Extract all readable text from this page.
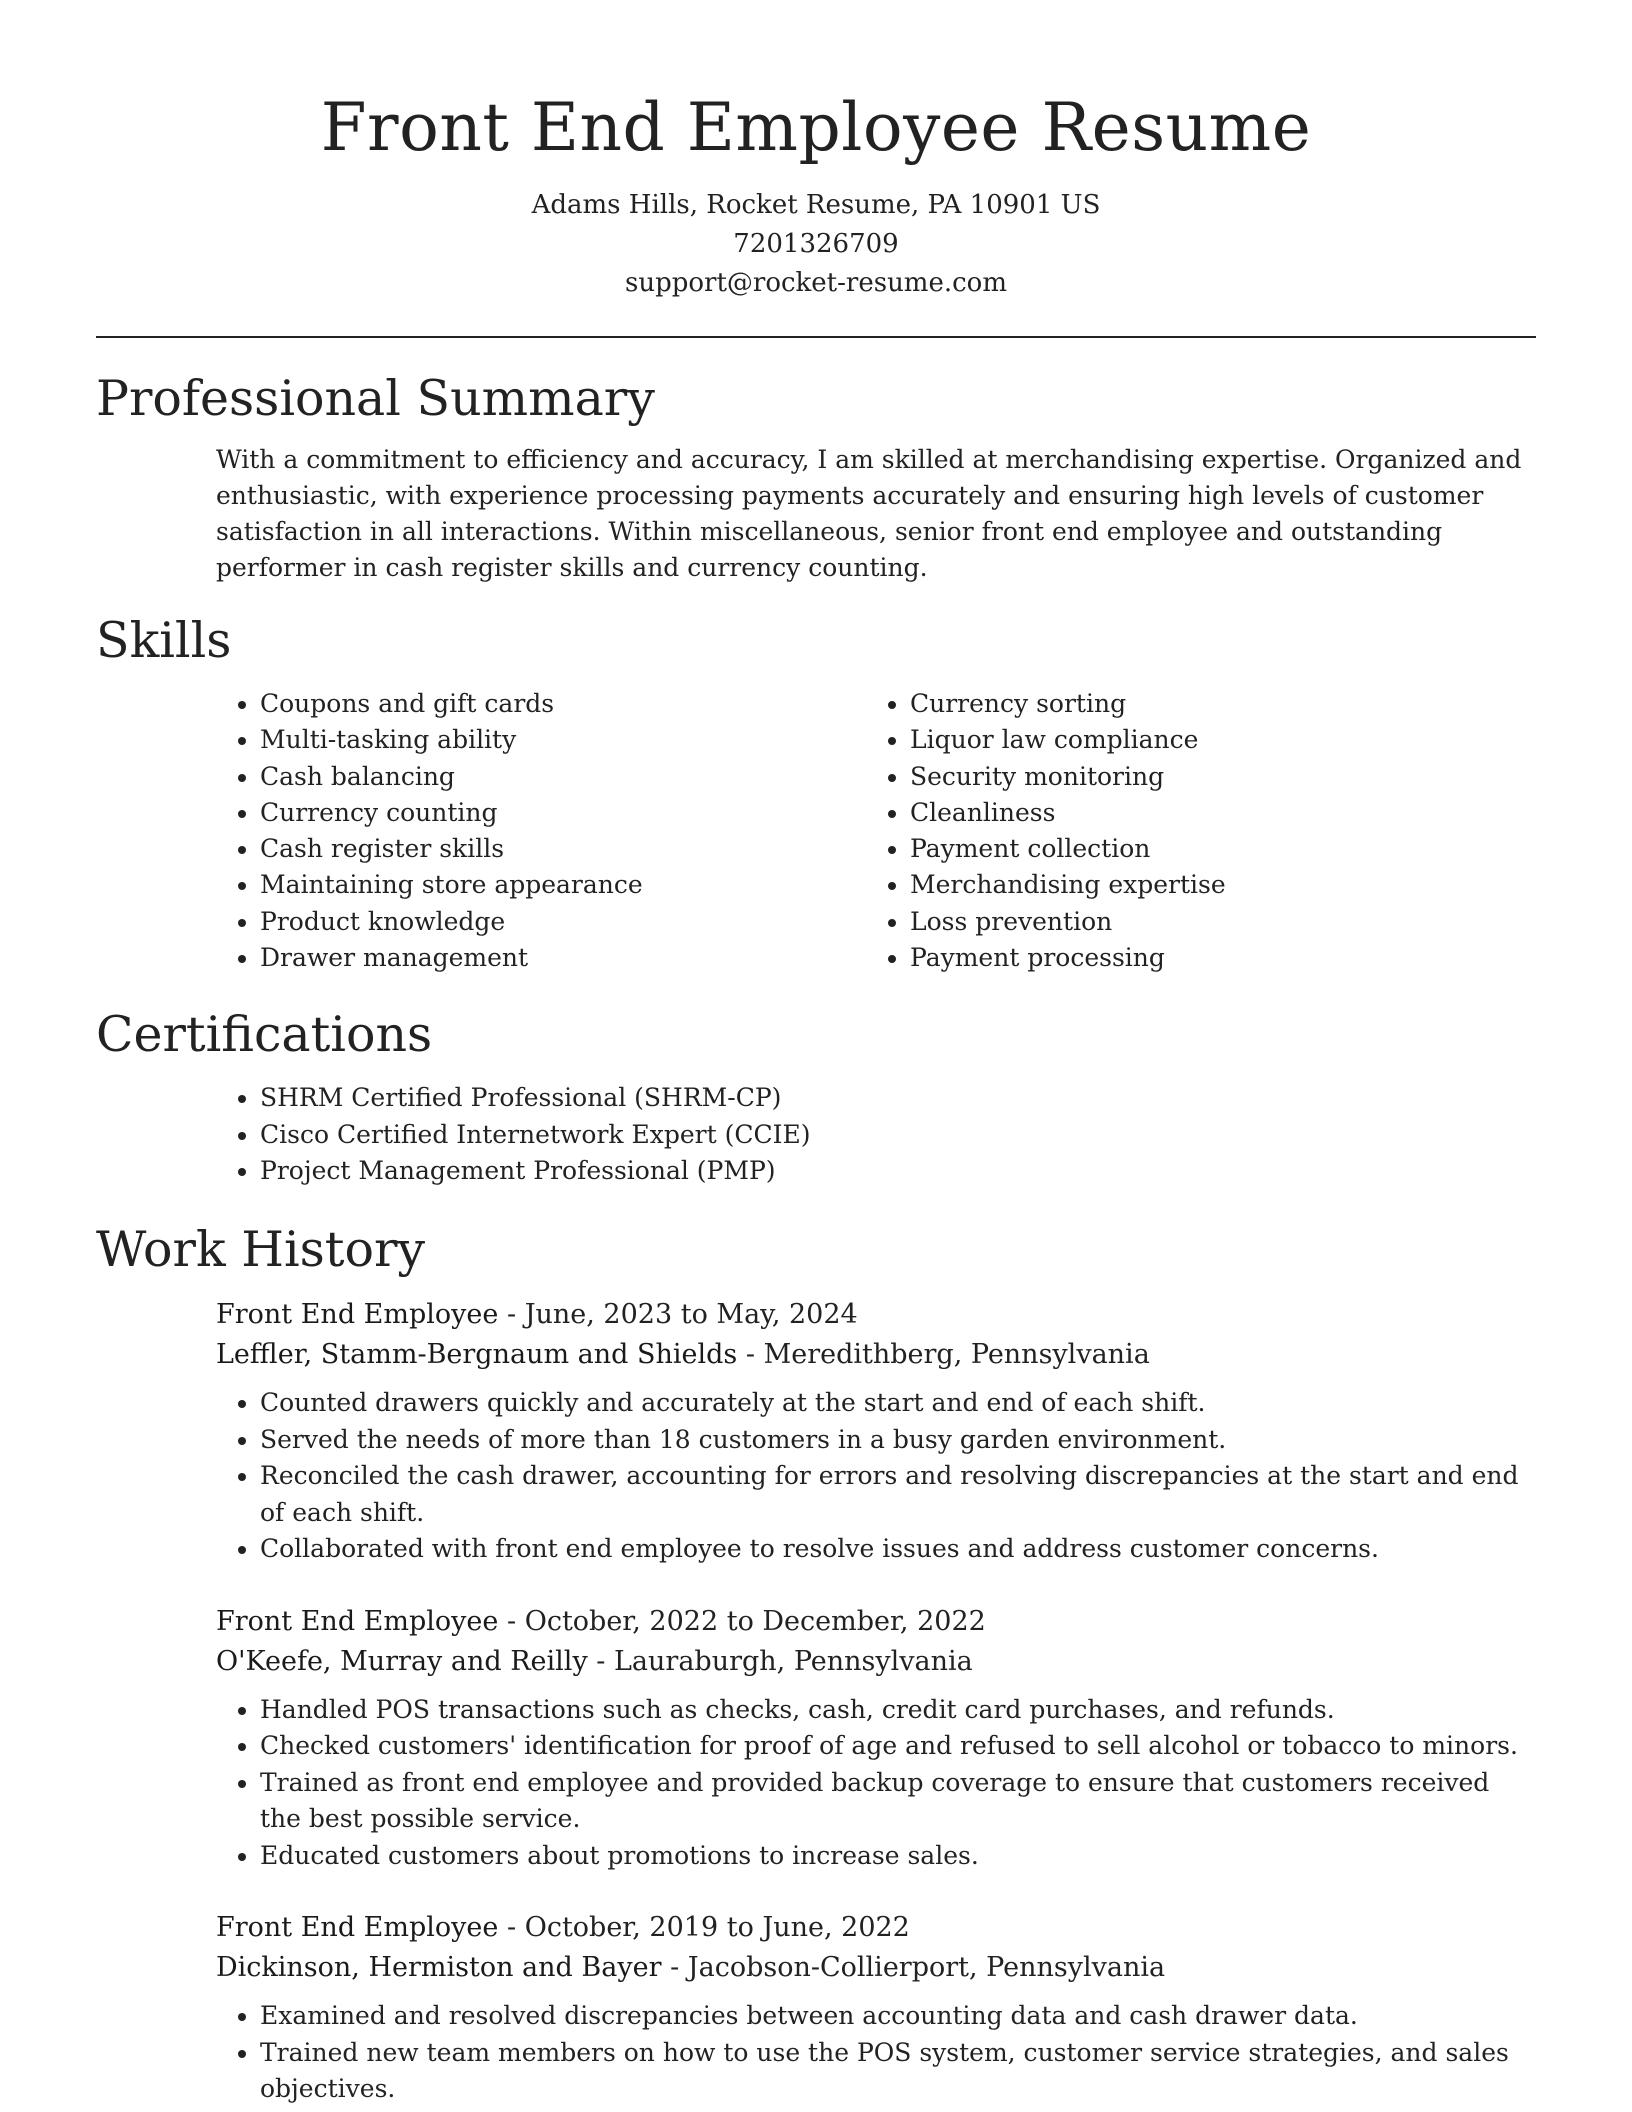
Front End Employee Resume
Adams Hills, Rocket Resume, PA 10901 US
7201326709
support@rocket-resume.com
Professional Summary

With a commitment to efficiency and accuracy, I am skilled at merchandising expertise. Organized and enthusiastic, with experience processing payments accurately and ensuring high levels of customer satisfaction in all interactions. Within miscellaneous, senior front end employee and outstanding performer in cash register skills and currency counting.

Skills
• Coupons and gift cards
• Multi-tasking ability
• Cash balancing
• Currency counting
• Cash register skills
• Maintaining store appearance
• Product knowledge
• Drawer management
• Currency sorting
• Liquor law compliance
• Security monitoring
• Cleanliness
• Payment collection
• Merchandising expertise
• Loss prevention
• Payment processing
Certifications
• SHRM Certified Professional (SHRM-CP)
• Cisco Certified Internetwork Expert (CCIE)
• Project Management Professional (PMP)
Work History
Front End Employee - June, 2023 to May, 2024
Leffler, Stamm-Bergnaum and Shields - Meredithberg, Pennsylvania
• Counted drawers quickly and accurately at the start and end of each shift.
• Served the needs of more than 18 customers in a busy garden environment.
• Reconciled the cash drawer, accounting for errors and resolving discrepancies at the start and end of each shift.
• Collaborated with front end employee to resolve issues and address customer concerns.
Front End Employee - October, 2022 to December, 2022
O'Keefe, Murray and Reilly - Lauraburgh, Pennsylvania
• Handled POS transactions such as checks, cash, credit card purchases, and refunds.
• Checked customers' identification for proof of age and refused to sell alcohol or tobacco to minors.
• Trained as front end employee and provided backup coverage to ensure that customers received the best possible service.
• Educated customers about promotions to increase sales.
Front End Employee - October, 2019 to June, 2022
Dickinson, Hermiston and Bayer - Jacobson-Collierport, Pennsylvania
• Examined and resolved discrepancies between accounting data and cash drawer data.
• Trained new team members on how to use the POS system, customer service strategies, and sales objectives.
